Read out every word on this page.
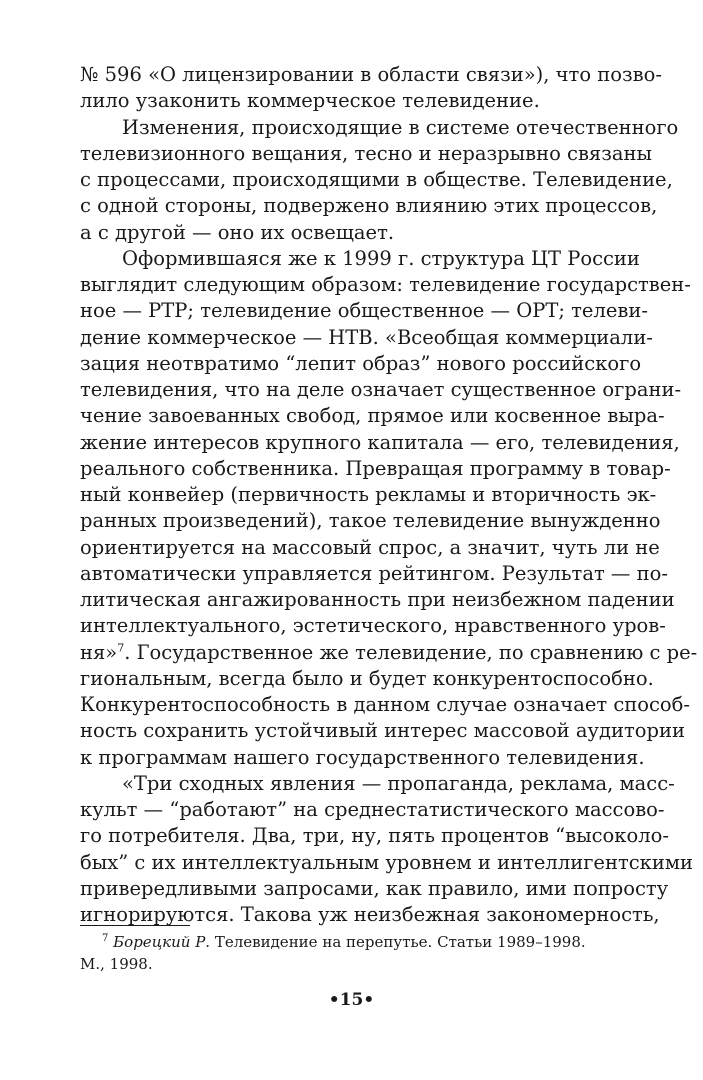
№ 596 «О лицензировании в области связи»), что позво-
лило узаконить коммерческое телевидение.
Изменения, происходящие в системе отечественного
телевизионного вещания, тесно и неразрывно связаны
с процессами, происходящими в обществе. Телевидение,
с одной стороны, подвержено влиянию этих процессов,
а с другой — оно их освещает.
Оформившаяся же к 1999 г. структура ЦТ России
выглядит следующим образом: телевидение государствен-
ное — РТР; телевидение общественное — ОРТ; телеви-
дение коммерческое — НТВ. «Всеобщая коммерциали-
зация неотвратимо “лепит образ” нового российского
телевидения, что на деле означает существенное ограни-
чение завоеванных свобод, прямое или косвенное выра-
жение интересов крупного капитала — его, телевидения,
реального собственника. Превращая программу в товар-
ный конвейер (первичность рекламы и вторичность эк-
ранных произведений), такое телевидение вынужденно
ориентируется на массовый спрос, а значит, чуть ли не
автоматически управляется рейтингом. Результат — по-
литическая ангажированность при неизбежном падении
интеллектуального, эстетического, нравственного уров-
ня»$^7$. Государственное же телевидение, по сравнению с ре-
гиональным, всегда было и будет конкурентоспособно.
Конкурентоспособность в данном случае означает способ-
ность сохранить устойчивый интерес массовой аудитории
к программам нашего государственного телевидения.
«Три сходных явления — пропаганда, реклама, масс-
культ — “работают” на среднестатистического массово-
го потребителя. Два, три, ну, пять процентов “высоколо-
бых” с их интеллектуальным уровнем и интеллигентскими
привередливыми запросами, как правило, ими попросту
игнорируются. Такова уж неизбежная закономерность,
$^7$ Борецкий Р. Телевидение на перепутье. Статьи 1989–1998.
М., 1998.
•15•
